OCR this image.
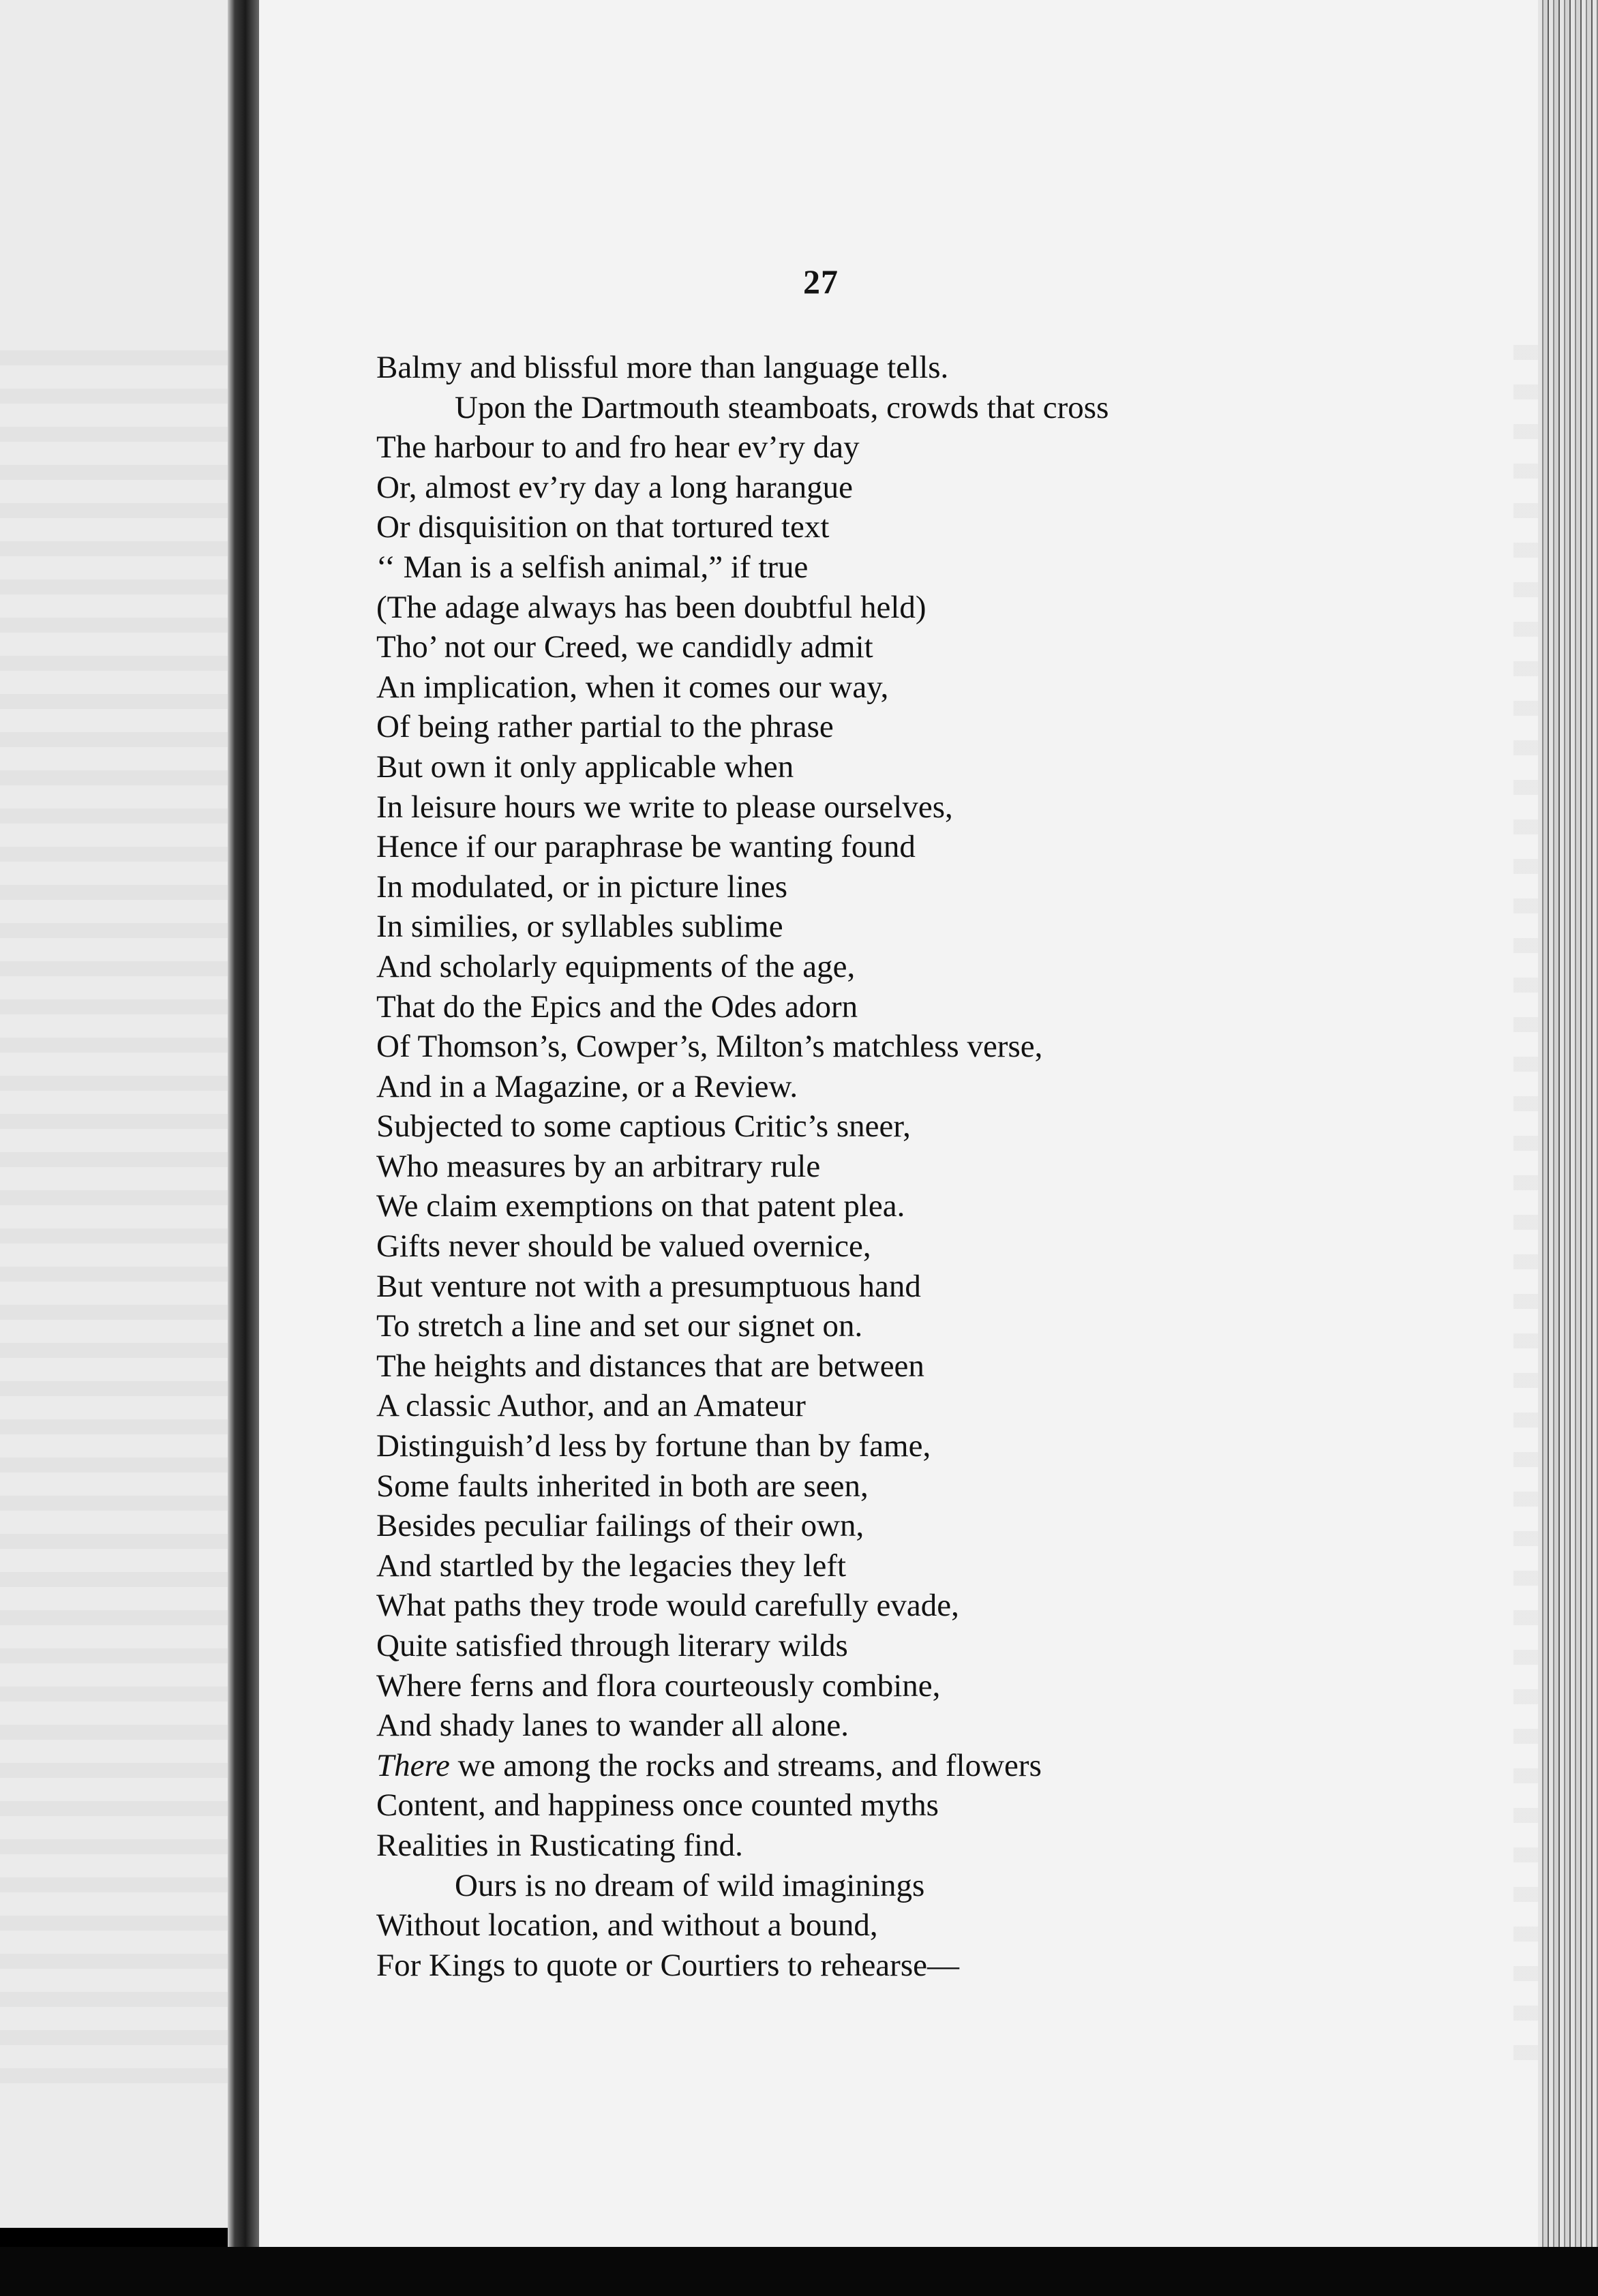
27
Balmy and blissful more than language tells.
Upon the Dartmouth steamboats, crowds that cross
The harbour to and fro hear ev’ry day
Or, almost ev’ry day a long harangue
Or disquisition on that tortured text
‘‘ Man is a selfish animal,” if true
(The adage always has been doubtful held)
Tho’ not our Creed, we candidly admit
An implication, when it comes our way,
Of being rather partial to the phrase
But own it only applicable when
In leisure hours we write to please ourselves,
Hence if our paraphrase be wanting found
In modulated, or in picture lines
In similies, or syllables sublime
And scholarly equipments of the age,
That do the Epics and the Odes adorn
Of Thomson’s, Cowper’s, Milton’s matchless verse,
And in a Magazine, or a Review.
Subjected to some captious Critic’s sneer,
Who measures by an arbitrary rule
We claim exemptions on that patent plea.
Gifts never should be valued overnice,
But venture not with a presumptuous hand
To stretch a line and set our signet on.
The heights and distances that are between
A classic Author, and an Amateur
Distinguish’d less by fortune than by fame,
Some faults inherited in both are seen,
Besides peculiar failings of their own,
And startled by the legacies they left
What paths they trode would carefully evade,
Quite satisfied through literary wilds
Where ferns and flora courteously combine,
And shady lanes to wander all alone.
There we among the rocks and streams, and flowers
Content, and happiness once counted myths
Realities in Rusticating find.
Ours is no dream of wild imaginings
Without location, and without a bound,
For Kings to quote or Courtiers to rehearse—
